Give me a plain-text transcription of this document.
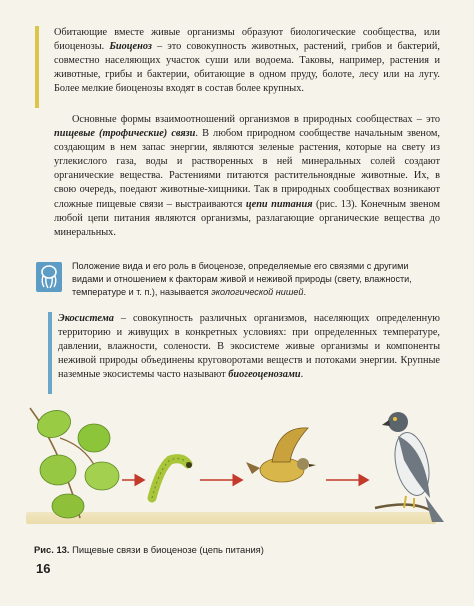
Обитающие вместе живые организмы образуют биологические сообщества, или биоценозы. Биоценоз – это совокупность животных, растений, грибов и бактерий, совместно населяющих участок суши или водоема. Таковы, например, растения и животные, грибы и бактерии, обитающие в одном пруду, болоте, лесу или на лугу. Более мелкие биоценозы входят в состав более крупных.

Основные формы взаимоотношений организмов в природных сообществах – это пищевые (трофические) связи. В любом природном сообществе начальным звеном, создающим в нем запас энергии, являются зеленые растения, которые на свету из углекислого газа, воды и растворенных в ней минеральных солей создают органические вещества. Растениями питаются растительноядные животные. Их, в свою очередь, поедают животные-хищники. Так в природных сообществах возникают сложные пищевые связи – выстраиваются цепи питания (рис. 13). Конечным звеном любой цепи питания являются организмы, разлагающие органические вещества до минеральных.

Положение вида и его роль в биоценозе, определяемые его связями с другими видами и отношением к факторам живой и неживой природы (свету, влажности, температуре и т. п.), называется экологической нишей.

Экосистема – совокупность различных организмов, населяющих определенную территорию и живущих в конкретных условиях: при определенных температуре, давлении, влажности, солености. В экосистеме живые организмы и компоненты неживой природы объединены круговоротами веществ и потоками энергии. Крупные наземные экосистемы часто называют биогеоценозами.

Рис. 13. Пищевые связи в биоценозе (цепь питания)
16
